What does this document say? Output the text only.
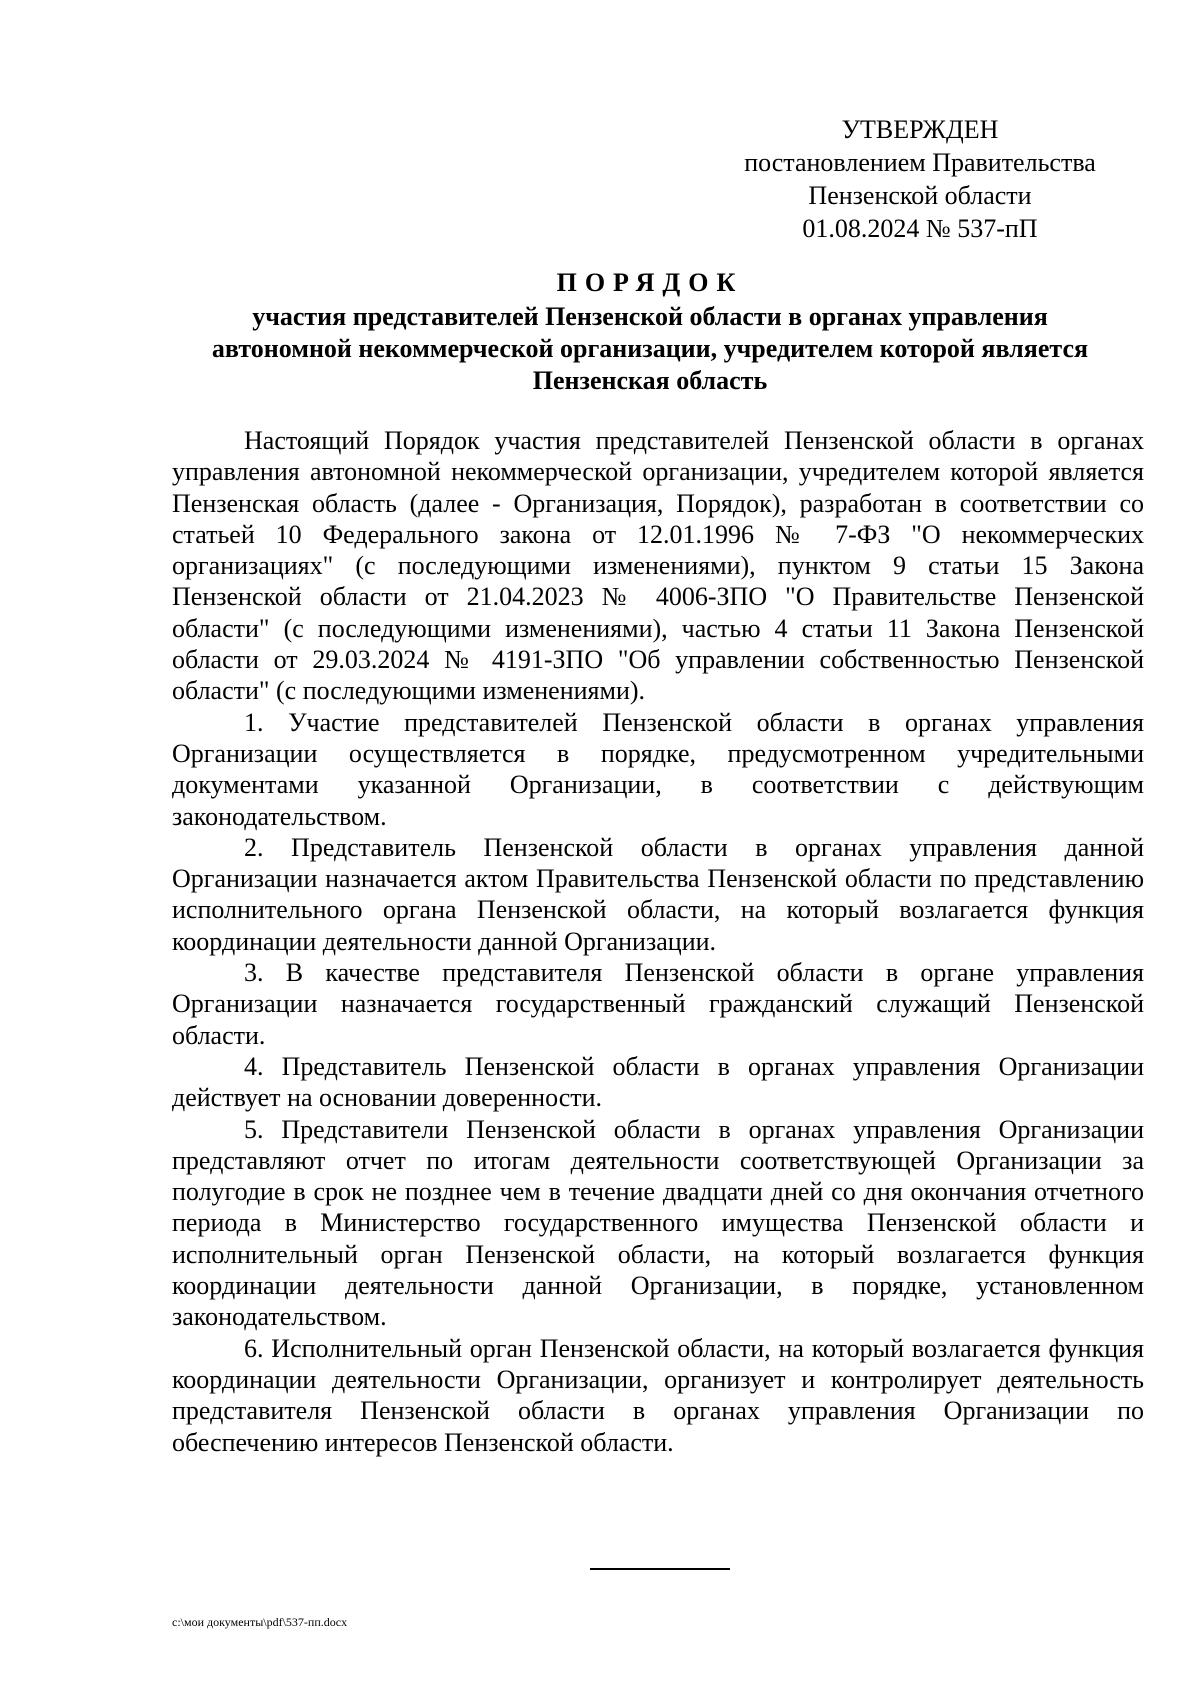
УТВЕРЖДЕН
постановлением Правительства
Пензенской области
01.08.2024 № 537-пП
ПОРЯДОК
участия представителей Пензенской области в органах управления
автономной некоммерческой организации, учредителем которой является
Пензенская область

Настоящий Порядок участия представителей Пензенской области в органах управления автономной некоммерческой организации, учредителем которой является Пензенская область (далее - Организация, Порядок), разработан в соответствии со статьей 10 Федерального закона от 12.01.1996 № 7-ФЗ "О некоммерческих организациях" (с последующими изменениями), пунктом 9 статьи 15 Закона Пензенской области от 21.04.2023 № 4006-ЗПО "О Правительстве Пензенской области" (с последующими изменениями), частью 4 статьи 11 Закона Пензенской области от 29.03.2024 № 4191-ЗПО "Об управлении собственностью Пензенской области" (с последующими изменениями).

1. Участие представителей Пензенской области в органах управления Организации осуществляется в порядке, предусмотренном учредительными документами указанной Организации, в соответствии с действующим законодательством.

2. Представитель Пензенской области в органах управления данной Организации назначается актом Правительства Пензенской области по представлению исполнительного органа Пензенской области, на который возлагается функция координации деятельности данной Организации.

3. В качестве представителя Пензенской области в органе управления Организации назначается государственный гражданский служащий Пензенской области.

4. Представитель Пензенской области в органах управления Организации действует на основании доверенности.

5. Представители Пензенской области в органах управления Организации представляют отчет по итогам деятельности соответствующей Организации за полугодие в срок не позднее чем в течение двадцати дней со дня окончания отчетного периода в Министерство государственного имущества Пензенской области и исполнительный орган Пензенской области, на который возлагается функция координации деятельности данной Организации, в порядке, установленном законодательством.

6. Исполнительный орган Пензенской области, на который возлагается функция координации деятельности Организации, организует и контролирует деятельность представителя Пензенской области в органах управления Организации по обеспечению интересов Пензенской области.

c:\мои документы\pdf\537-пп.docx
